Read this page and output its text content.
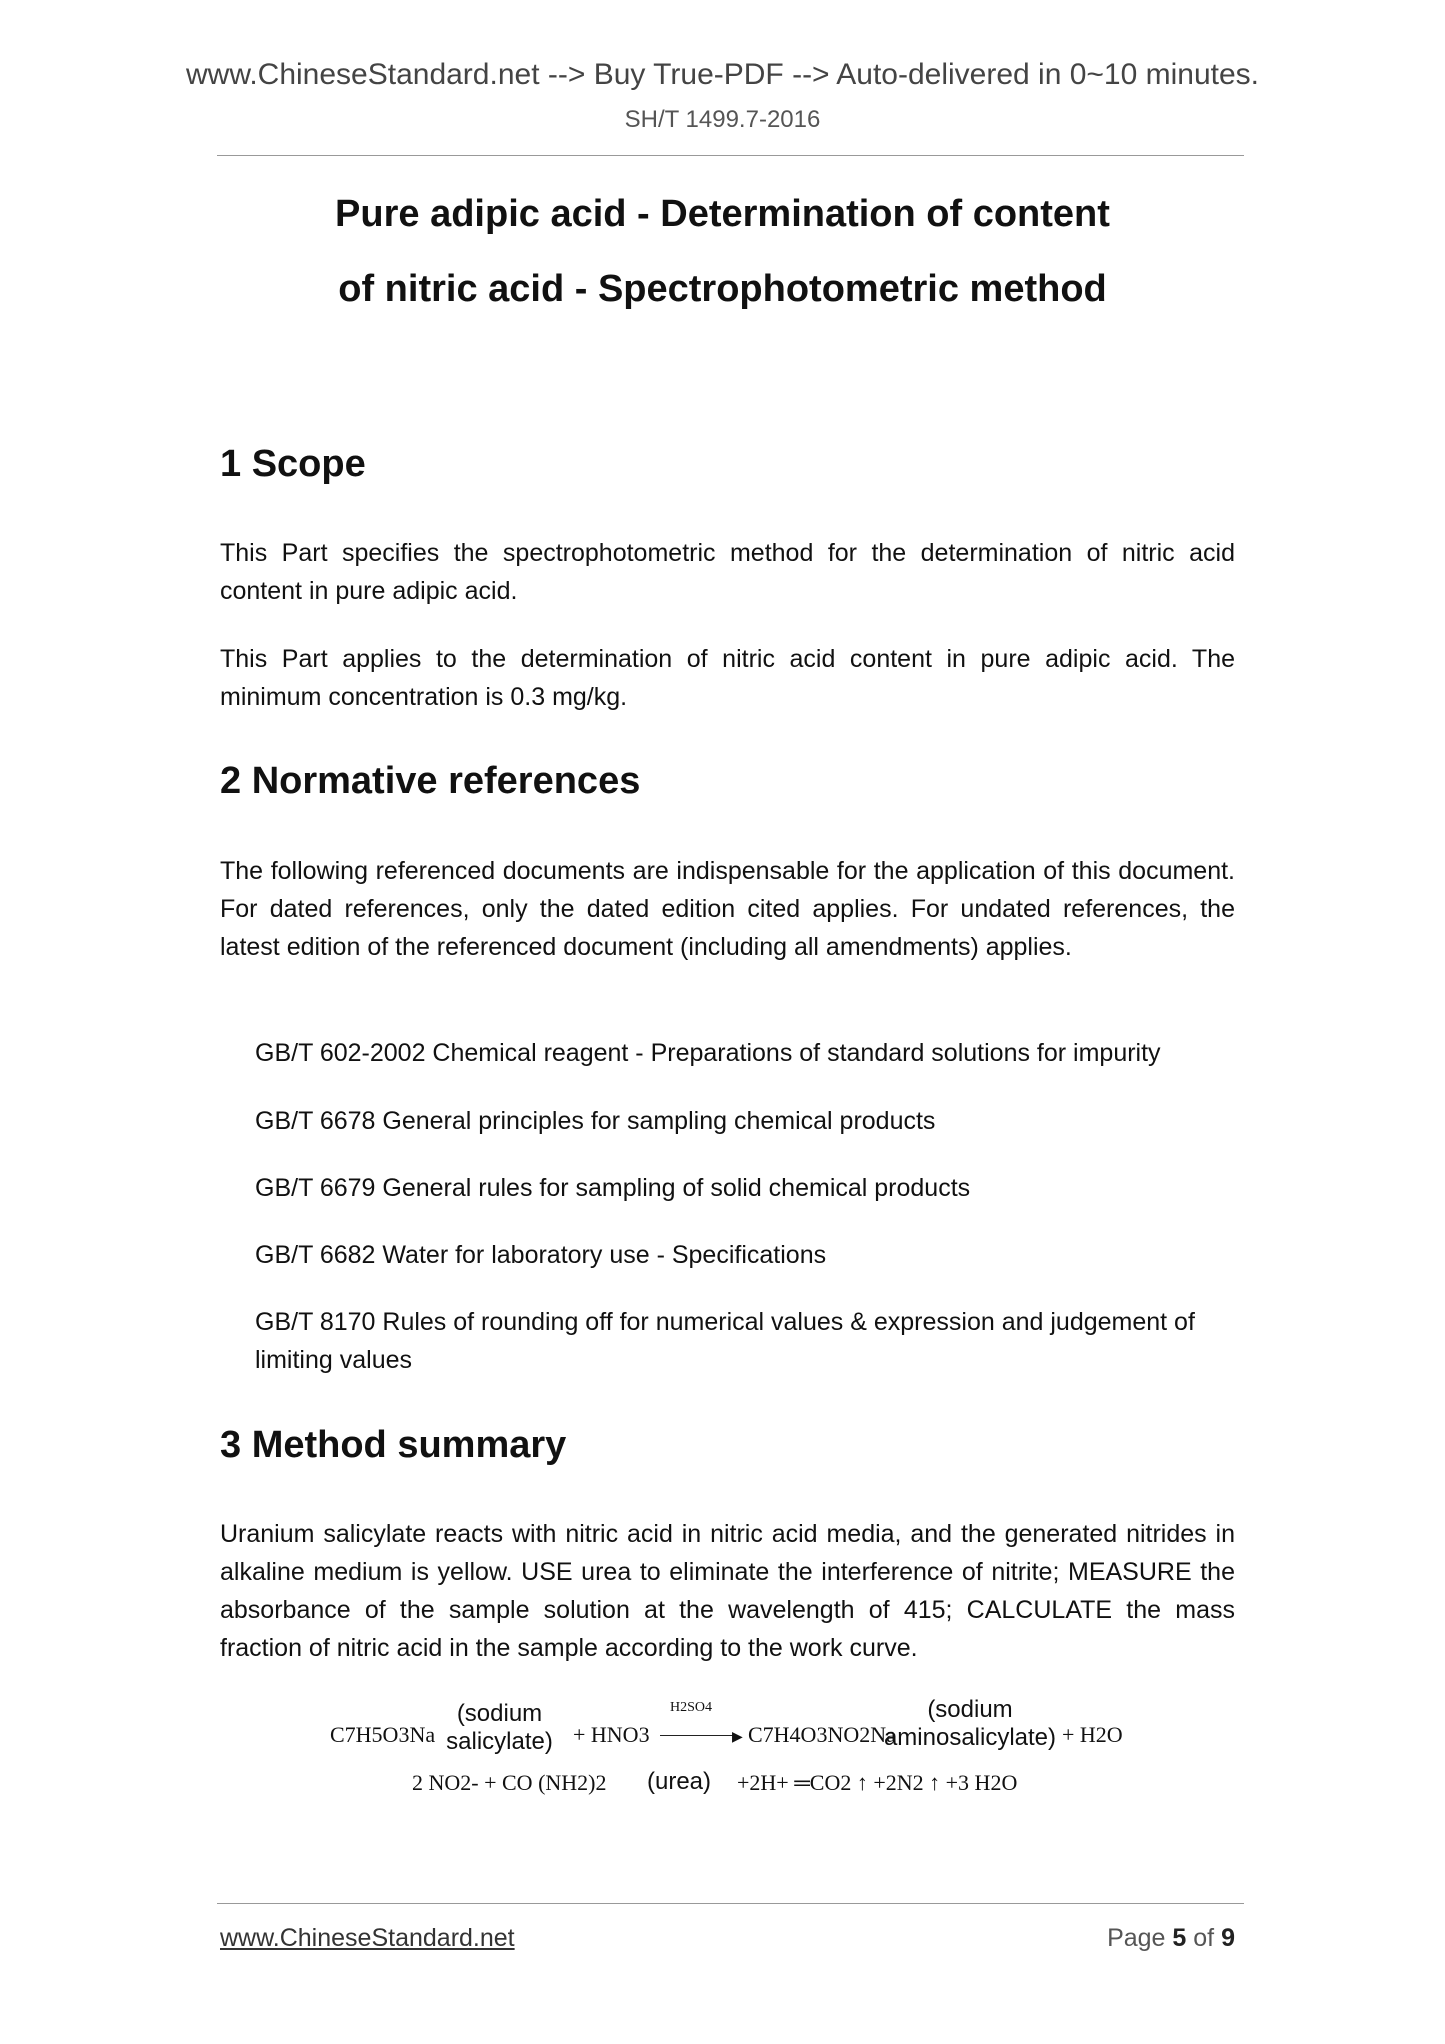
www.ChineseStandard.net --> Buy True-PDF --> Auto-delivered in 0~10 minutes.
SH/T 1499.7-2016
Pure adipic acid - Determination of content
of nitric acid - Spectrophotometric method
1 Scope
This Part specifies the spectrophotometric method for the determination of nitric acid content in pure adipic acid.
This Part applies to the determination of nitric acid content in pure adipic acid. The minimum concentration is 0.3 mg/kg.
2 Normative references
The following referenced documents are indispensable for the application of this document. For dated references, only the dated edition cited applies. For undated references, the latest edition of the referenced document (including all amendments) applies.
GB/T 602-2002 Chemical reagent - Preparations of standard solutions for impurity
GB/T 6678 General principles for sampling chemical products
GB/T 6679 General rules for sampling of solid chemical products
GB/T 6682 Water for laboratory use - Specifications
GB/T 8170 Rules of rounding off for numerical values & expression and judgement of limiting values
3 Method summary
Uranium salicylate reacts with nitric acid in nitric acid media, and the generated nitrides in alkaline medium is yellow. USE urea to eliminate the interference of nitrite; MEASURE the absorbance of the sample solution at the wavelength of 415; CALCULATE the mass fraction of nitric acid in the sample according to the work curve.
C7H5O3Na
(sodium
salicylate) + HNO3
H2SO4
▶ C7H4O3NO2Na
(sodium
aminosalicylate) + H2O
2 NO2- + CO (NH2)2 (urea) +2H+ ═CO2 ↑ +2N2 ↑ +3 H2O
www.ChineseStandard.net	Page 5 of 9
